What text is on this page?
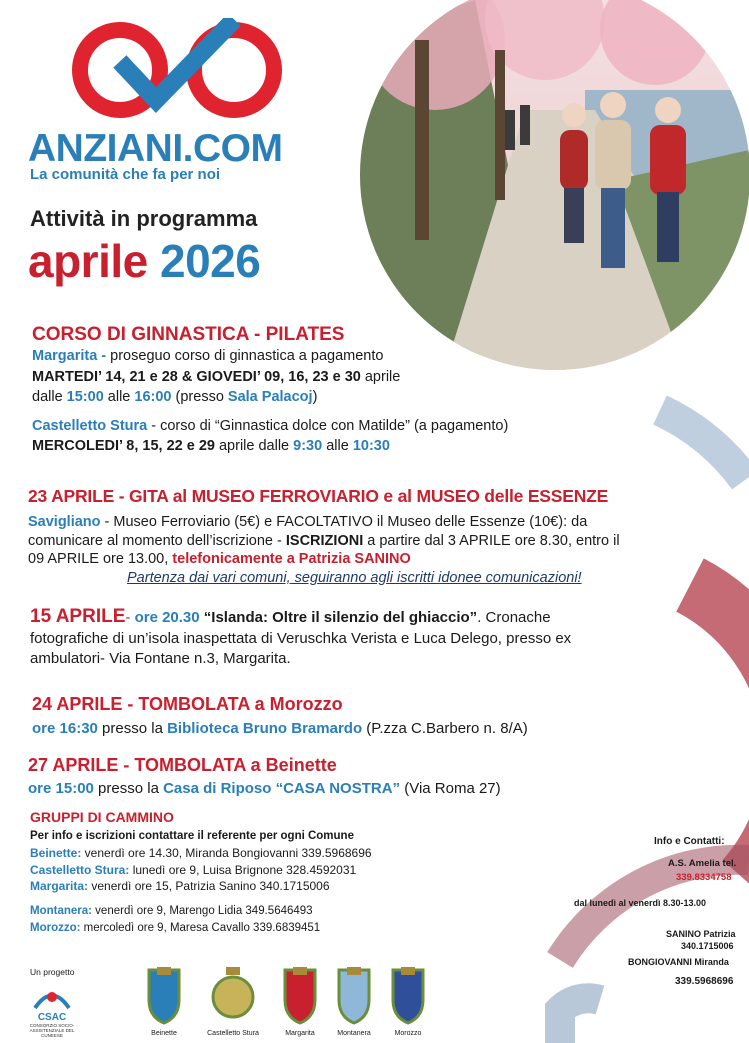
ANZIANI.COM
La comunità che fa per noi
Attività in programma
aprile 2026
CORSO DI GINNASTICA - PILATES
Margarita - proseguo corso di ginnastica a pagamento
MARTEDI’ 14, 21 e 28 & GIOVEDI’ 09, 16, 23 e 30 aprile
dalle 15:00 alle 16:00 (presso Sala Palacoj)
Castelletto Stura - corso di “Ginnastica dolce con Matilde” (a pagamento)
MERCOLEDI’ 8, 15, 22 e 29 aprile dalle 9:30 alle 10:30
23 APRILE - GITA al MUSEO FERROVIARIO e al MUSEO delle ESSENZE
Savigliano - Museo Ferroviario (5€) e FACOLTATIVO il Museo delle Essenze (10€): da
comunicare al momento dell’iscrizione - ISCRIZIONI a partire dal 3 APRILE ore 8.30, entro il
09 APRILE ore 13.00, telefonicamente a Patrizia SANINO
Partenza dai vari comuni, seguiranno agli iscritti idonee comunicazioni!
15 APRILE- ore 20.30 “Islanda: Oltre il silenzio del ghiaccio”. Cronache
fotografiche di un’isola inaspettata di Veruschka Verista e Luca Delego, presso ex
ambulatori- Via Fontane n.3, Margarita.
24 APRILE - TOMBOLATA a Morozzo
ore 16:30 presso la Biblioteca Bruno Bramardo (P.zza C.Barbero n. 8/A)
27 APRILE - TOMBOLATA a Beinette
ore 15:00 presso la Casa di Riposo “CASA NOSTRA” (Via Roma 27)
GRUPPI DI CAMMINO
Per info e iscrizioni contattare il referente per ogni Comune
Beinette: venerdì ore 14.30, Miranda Bongiovanni 339.5968696
Castelletto Stura: lunedì ore 9, Luisa Brignone 328.4592031
Margarita: venerdì ore 15, Patrizia Sanino 340.1715006
Montanera: venerdì ore 9, Marengo Lidia 349.5646493
Morozzo: mercoledì ore 9, Maresa Cavallo 339.6839451
Info e Contatti:
A.S. Amelia tel.
339.8334758
dal lunedì al venerdì 8.30-13.00
SANINO Patrizia
340.1715006
BONGIOVANNI Miranda
339.5968696
Un progetto
CSAC
CONSORZIO SOCIO-ASSISTENZIALE DEL CUNEESE	Beinette	Castelletto Stura	Margarita	Montanera	Morozzo
